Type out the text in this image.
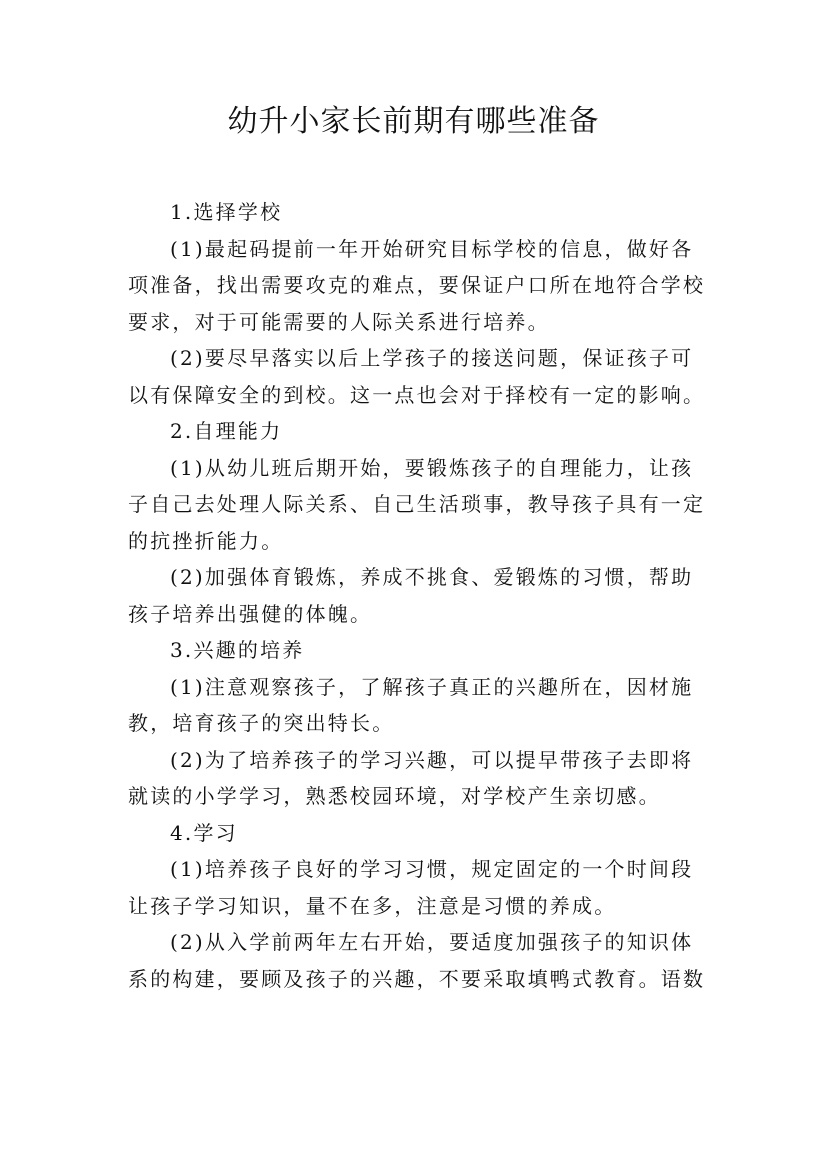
幼升小家长前期有哪些准备
1.选择学校
(1)最起码提前一年开始研究目标学校的信息，做好各
项准备，找出需要攻克的难点，要保证户口所在地符合学校
要求，对于可能需要的人际关系进行培养。
(2)要尽早落实以后上学孩子的接送问题，保证孩子可
以有保障安全的到校。这一点也会对于择校有一定的影响。
2.自理能力
(1)从幼儿班后期开始，要锻炼孩子的自理能力，让孩
子自己去处理人际关系、自己生活琐事，教导孩子具有一定
的抗挫折能力。
(2)加强体育锻炼，养成不挑食、爱锻炼的习惯，帮助
孩子培养出强健的体魄。
3.兴趣的培养
(1)注意观察孩子，了解孩子真正的兴趣所在，因材施
教，培育孩子的突出特长。
(2)为了培养孩子的学习兴趣，可以提早带孩子去即将
就读的小学学习，熟悉校园环境，对学校产生亲切感。
4.学习
(1)培养孩子良好的学习习惯，规定固定的一个时间段
让孩子学习知识，量不在多，注意是习惯的养成。
(2)从入学前两年左右开始，要适度加强孩子的知识体
系的构建，要顾及孩子的兴趣，不要采取填鸭式教育。语数
